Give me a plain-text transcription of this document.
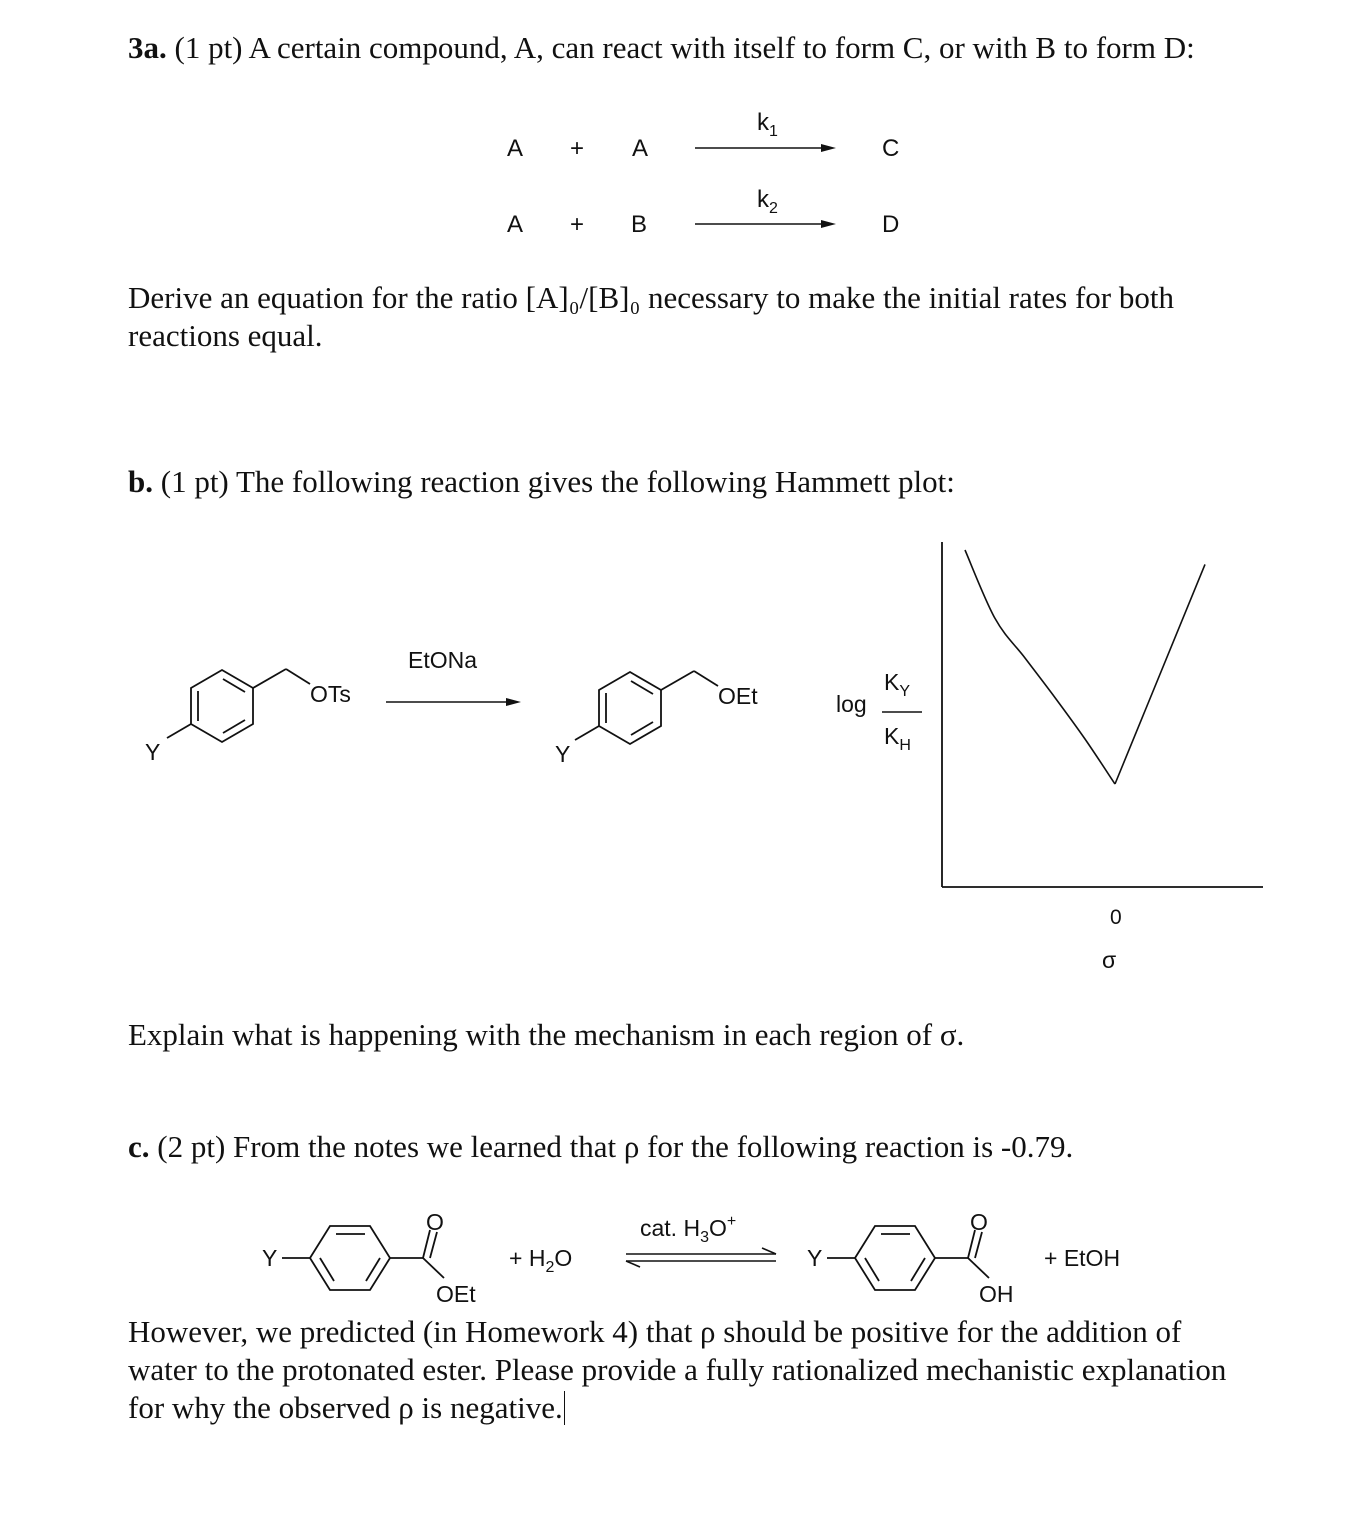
3a. (1 pt) A certain compound, A, can react with itself to form C, or with B to form D:
A + A
$k_1$
C
A + B
$k_2$
D
Derive an equation for the ratio [A]₀/[B]₀ necessary to make the initial rates for both
reactions equal.
b. (1 pt) The following reaction gives the following Hammett plot:
OTs
Y
EtONa
OEt
Y
log
$K_Y$
$K_H$
0
σ
Explain what is happening with the mechanism in each region of σ.
c. (2 pt) From the notes we learned that ρ for the following reaction is -0.79.
Y
O
OEt
+ $H_2O$
cat. $H_3O^+$
Y
O
OH
+ EtOH
However, we predicted (in Homework 4) that ρ should be positive for the addition of
water to the protonated ester. Please provide a fully rationalized mechanistic explanation
for why the observed ρ is negative.
